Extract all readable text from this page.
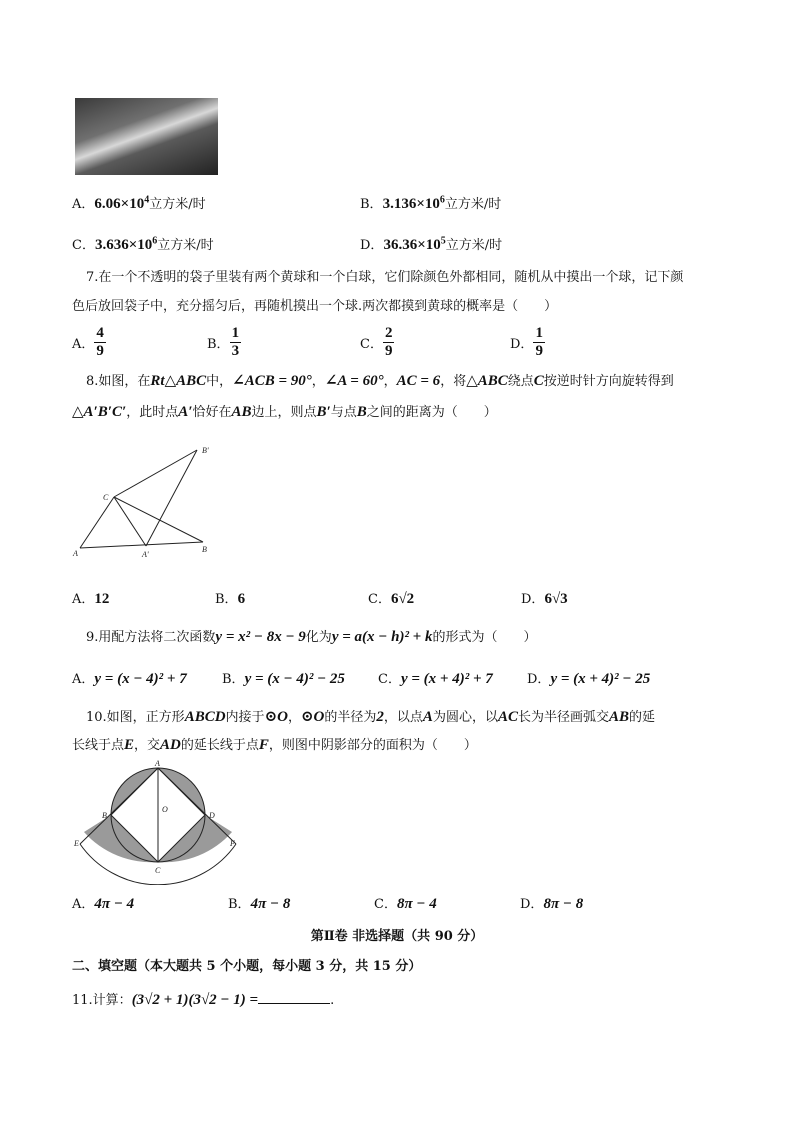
A．$6.06\times 10^4$立方米/时	B．$3.136\times 10^6$立方米/时
C．$3.636\times 10^6$立方米/时	D．$36.36\times 10^5$立方米/时
7.在一个不透明的袋子里装有两个黄球和一个白球，它们除颜色外都相同，随机从中摸出一个球，记下颜
色后放回袋子中，充分摇匀后，再随机摸出一个球.两次都摸到黄球的概率是（　　）
A． $\frac{4}{9}$	B． $\frac{1}{3}$	C． $\frac{2}{9}$	D． $\frac{1}{9}$
8.如图，在Rt△ABC中，∠ACB = 90°，∠A = 60°，AC = 6，将△ABC绕点C按逆时针方向旋转得到
△A′B′C′，此时点A′恰好在AB边上，则点B′与点B之间的距离为（　　）
B'
C
A	A'
B
A．12	B．6	C．6√2	D．6√3
9.用配方法将二次函数y = x² − 8x − 9化为y = a(x − h)² + k的形式为（　　）
A．y = (x − 4)² + 7	B．y = (x − 4)² − 25	C．y = (x + 4)² + 7	D．y = (x + 4)² − 25
10.如图，正方形ABCD内接于⊙O，⊙O的半径为2，以点A为圆心，以AC长为半径画弧交AB的延
长线于点E，交AD的延长线于点F，则图中阴影部分的面积为（　　）
A
B
O
D
E	F
C
A．4π − 4	B．4π − 8	C．8π − 4	D．8π − 8
第Ⅱ卷 非选择题（共 90 分）
二、填空题（本大题共 5 个小题，每小题 3 分，共 15 分）
11.计算：(3√2 + 1)(3√2 − 1) =	.
